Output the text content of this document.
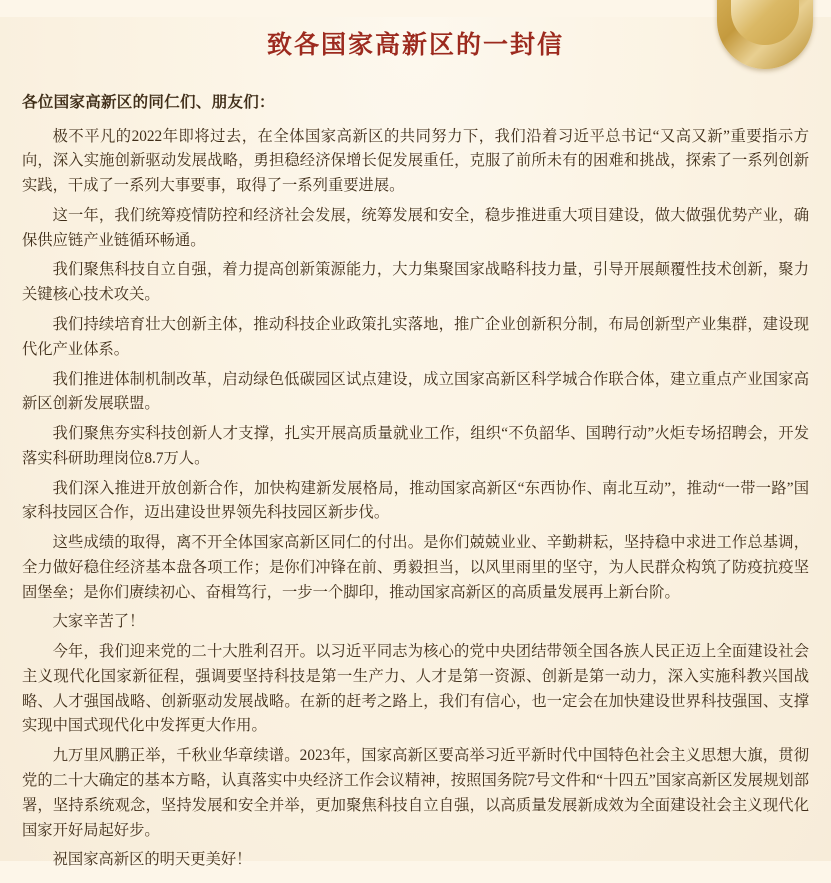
致各国家高新区的一封信

各位国家高新区的同仁们、朋友们：

极不平凡的2022年即将过去，在全体国家高新区的共同努力下，我们沿着习近平总书记“又高又新”重要指示方向，深入实施创新驱动发展战略，勇担稳经济保增长促发展重任，克服了前所未有的困难和挑战，探索了一系列创新实践，干成了一系列大事要事，取得了一系列重要进展。

这一年，我们统筹疫情防控和经济社会发展，统筹发展和安全，稳步推进重大项目建设，做大做强优势产业，确保供应链产业链循环畅通。

我们聚焦科技自立自强，着力提高创新策源能力，大力集聚国家战略科技力量，引导开展颠覆性技术创新，聚力关键核心技术攻关。

我们持续培育壮大创新主体，推动科技企业政策扎实落地，推广企业创新积分制，布局创新型产业集群，建设现代化产业体系。

我们推进体制机制改革，启动绿色低碳园区试点建设，成立国家高新区科学城合作联合体，建立重点产业国家高新区创新发展联盟。

我们聚焦夯实科技创新人才支撑，扎实开展高质量就业工作，组织“不负韶华、国聘行动”火炬专场招聘会，开发落实科研助理岗位8.7万人。

我们深入推进开放创新合作，加快构建新发展格局，推动国家高新区“东西协作、南北互动”，推动“一带一路”国家科技园区合作，迈出建设世界领先科技园区新步伐。

这些成绩的取得，离不开全体国家高新区同仁的付出。是你们兢兢业业、辛勤耕耘，坚持稳中求进工作总基调，全力做好稳住经济基本盘各项工作；是你们冲锋在前、勇毅担当，以风里雨里的坚守，为人民群众构筑了防疫抗疫坚固堡垒；是你们赓续初心、奋楫笃行，一步一个脚印，推动国家高新区的高质量发展再上新台阶。

大家辛苦了！

今年，我们迎来党的二十大胜利召开。以习近平同志为核心的党中央团结带领全国各族人民正迈上全面建设社会主义现代化国家新征程，强调要坚持科技是第一生产力、人才是第一资源、创新是第一动力，深入实施科教兴国战略、人才强国战略、创新驱动发展战略。在新的赶考之路上，我们有信心，也一定会在加快建设世界科技强国、支撑实现中国式现代化中发挥更大作用。

九万里风鹏正举，千秋业华章续谱。2023年，国家高新区要高举习近平新时代中国特色社会主义思想大旗，贯彻党的二十大确定的基本方略，认真落实中央经济工作会议精神，按照国务院7号文件和“十四五”国家高新区发展规划部署，坚持系统观念，坚持发展和安全并举，更加聚焦科技自立自强，以高质量发展新成效为全面建设社会主义现代化国家开好局起好步。

祝国家高新区的明天更美好！
